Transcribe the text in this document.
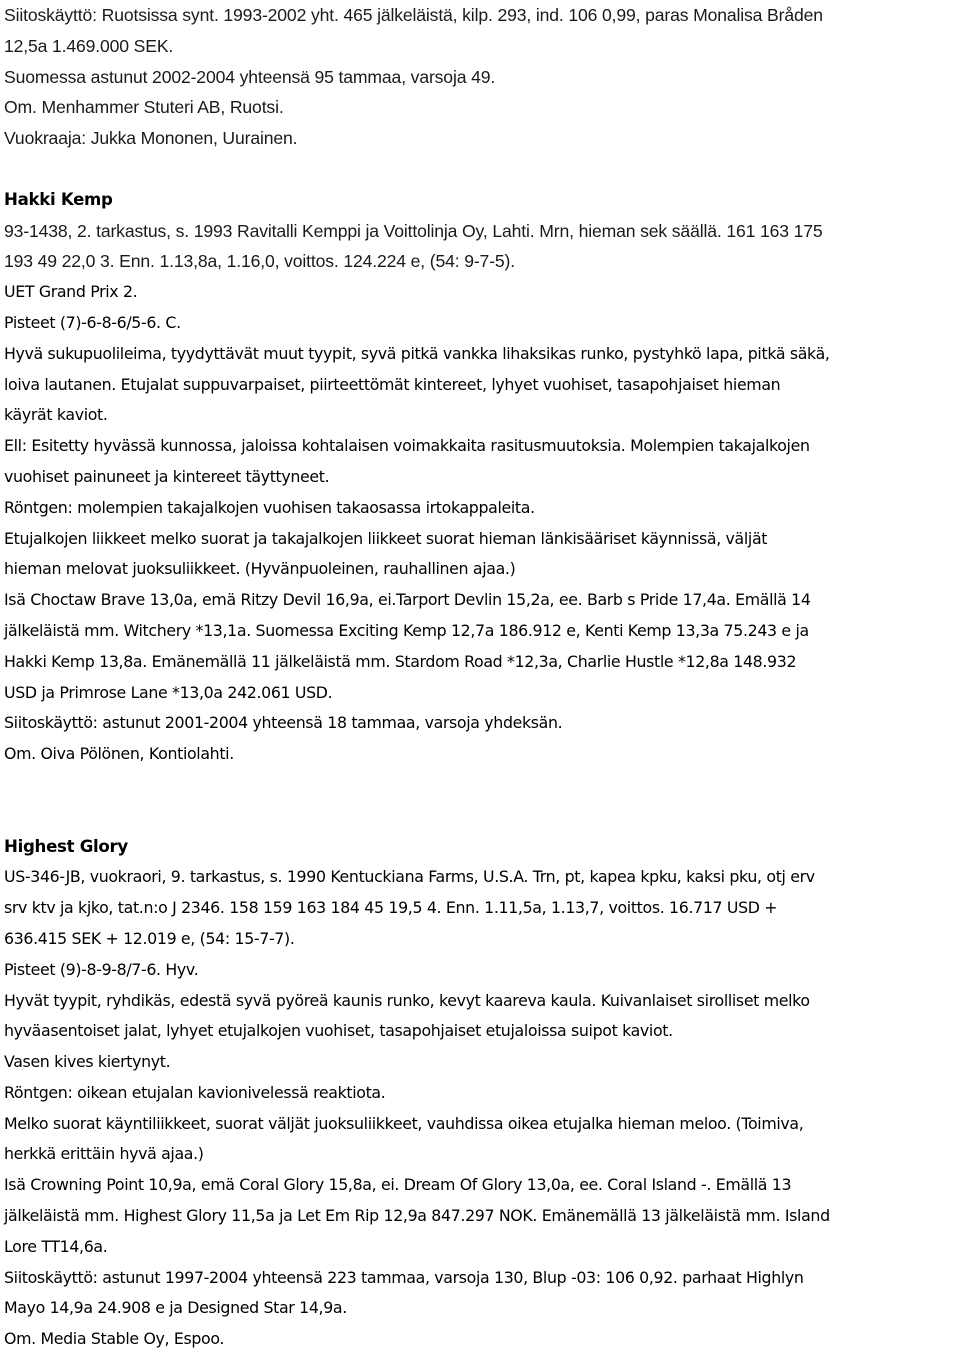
Siitoskäyttö: Ruotsissa synt. 1993-2002 yht. 465 jälkeläistä, kilp. 293, ind. 106 0,99, paras Monalisa Bråden

12,5a 1.469.000 SEK.

Suomessa astunut 2002-2004 yhteensä 95 tammaa, varsoja 49.

Om. Menhammer Stuteri AB, Ruotsi.

Vuokraaja: Jukka Mononen, Uurainen.

Hakki Kemp

93-1438, 2. tarkastus, s. 1993 Ravitalli Kemppi ja Voittolinja Oy, Lahti. Mrn, hieman sek säällä. 161 163 175

193 49 22,0 3. Enn. 1.13,8a, 1.16,0, voittos. 124.224 e, (54: 9-7-5).

UET Grand Prix 2.

Pisteet (7)-6-8-6/5-6. C.

Hyvä sukupuolileima, tyydyttävät muut tyypit, syvä pitkä vankka lihaksikas runko, pystyhkö lapa, pitkä säkä,

loiva lautanen. Etujalat suppuvarpaiset, piirteettömät kintereet, lyhyet vuohiset, tasapohjaiset hieman

käyrät kaviot.

Ell: Esitetty hyvässä kunnossa, jaloissa kohtalaisen voimakkaita rasitusmuutoksia. Molempien takajalkojen

vuohiset painuneet ja kintereet täyttyneet.

Röntgen: molempien takajalkojen vuohisen takaosassa irtokappaleita.

Etujalkojen liikkeet melko suorat ja takajalkojen liikkeet suorat hieman länkisääriset käynnissä, väljät

hieman melovat juoksuliikkeet. (Hyvänpuoleinen, rauhallinen ajaa.)

Isä Choctaw Brave 13,0a, emä Ritzy Devil 16,9a, ei.Tarport Devlin 15,2a, ee. Barb s Pride 17,4a. Emällä 14

jälkeläistä mm. Witchery *13,1a. Suomessa Exciting Kemp 12,7a 186.912 e, Kenti Kemp 13,3a 75.243 e ja

Hakki Kemp 13,8a. Emänemällä 11 jälkeläistä mm. Stardom Road *12,3a, Charlie Hustle *12,8a 148.932

USD ja Primrose Lane *13,0a 242.061 USD.

Siitoskäyttö: astunut 2001-2004 yhteensä 18 tammaa, varsoja yhdeksän.

Om. Oiva Pölönen, Kontiolahti.

Highest Glory

US-346-JB, vuokraori, 9. tarkastus, s. 1990 Kentuckiana Farms, U.S.A. Trn, pt, kapea kpku, kaksi pku, otj erv

srv ktv ja kjko, tat.n:o J 2346. 158 159 163 184 45 19,5 4. Enn. 1.11,5a, 1.13,7, voittos. 16.717 USD +

636.415 SEK + 12.019 e, (54: 15-7-7).

Pisteet (9)-8-9-8/7-6. Hyv.

Hyvät tyypit, ryhdikäs, edestä syvä pyöreä kaunis runko, kevyt kaareva kaula. Kuivanlaiset sirolliset melko

hyväasentoiset jalat, lyhyet etujalkojen vuohiset, tasapohjaiset etujaloissa suipot kaviot.

Vasen kives kiertynyt.

Röntgen: oikean etujalan kavionivelessä reaktiota.

Melko suorat käyntiliikkeet, suorat väljät juoksuliikkeet, vauhdissa oikea etujalka hieman meloo. (Toimiva,

herkkä erittäin hyvä ajaa.)

Isä Crowning Point 10,9a, emä Coral Glory 15,8a, ei. Dream Of Glory 13,0a, ee. Coral Island -. Emällä 13

jälkeläistä mm. Highest Glory 11,5a ja Let Em Rip 12,9a 847.297 NOK. Emänemällä 13 jälkeläistä mm. Island

Lore TT14,6a.

Siitoskäyttö: astunut 1997-2004 yhteensä 223 tammaa, varsoja 130, Blup -03: 106 0,92. parhaat Highlyn

Mayo 14,9a 24.908 e ja Designed Star 14,9a.

Om. Media Stable Oy, Espoo.
